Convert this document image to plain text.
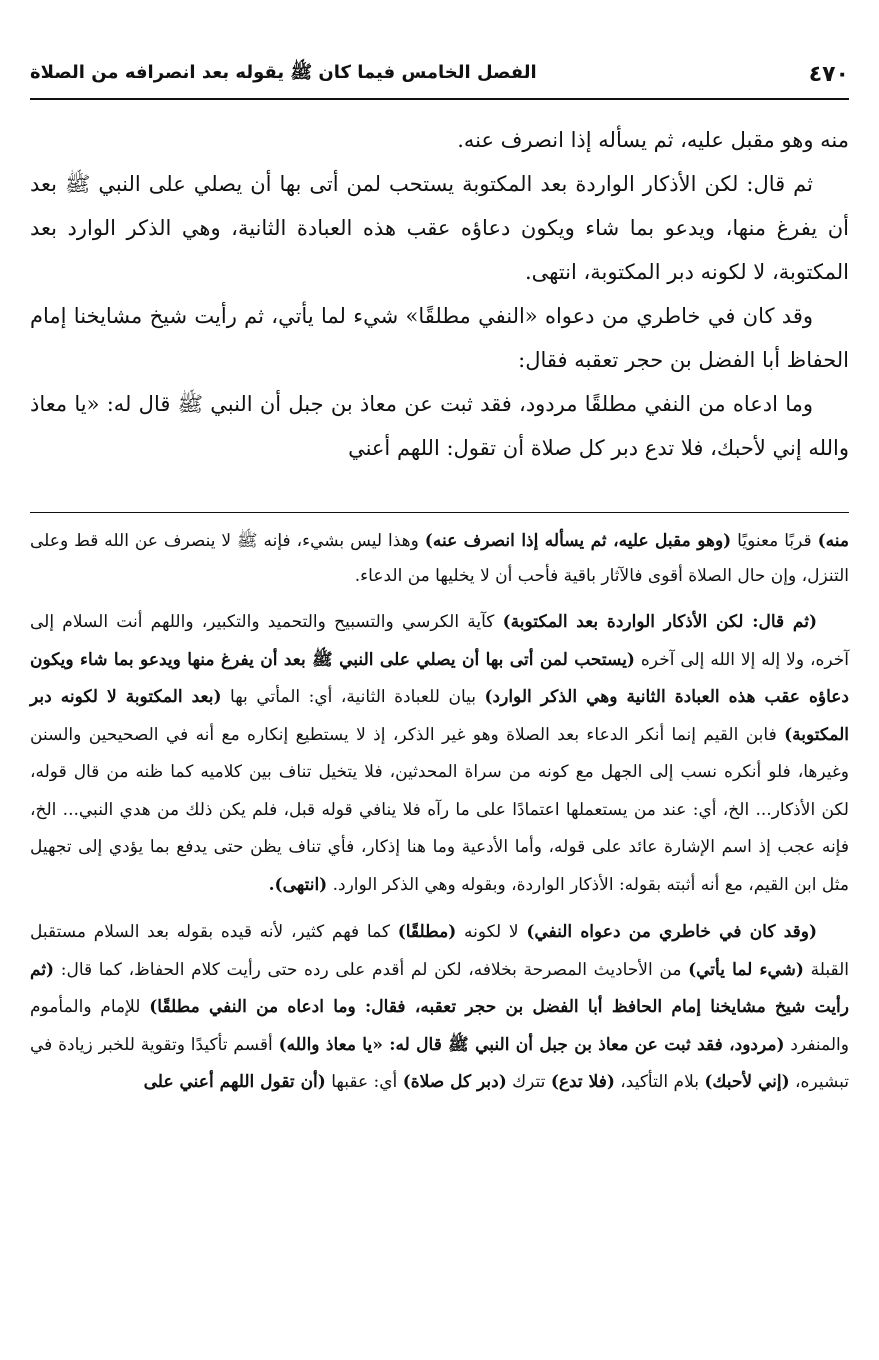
٤٧٠
الفصل الخامس فيما كان ﷺ يقوله بعد انصرافه من الصلاة

منه وهو مقبل عليه، ثم يسأله إذا انصرف عنه.

ثم قال: لكن الأذكار الواردة بعد المكتوبة يستحب لمن أتى بها أن يصلي على النبي ﷺ بعد أن يفرغ منها، ويدعو بما شاء ويكون دعاؤه عقب هذه العبادة الثانية، وهي الذكر الوارد بعد المكتوبة، لا لكونه دبر المكتوبة، انتهى.

وقد كان في خاطري من دعواه «النفي مطلقًا» شيء لما يأتي، ثم رأيت شيخ مشايخنا إمام الحفاظ أبا الفضل بن حجر تعقبه فقال:

وما ادعاه من النفي مطلقًا مردود، فقد ثبت عن معاذ بن جبل أن النبي ﷺ قال له: «يا معاذ والله إني لأحبك، فلا تدع دبر كل صلاة أن تقول: اللهم أعني

منه) قربًا معنويًا (وهو مقبل عليه، ثم يسأله إذا انصرف عنه) وهذا ليس بشيء، فإنه ﷺ لا ينصرف عن الله قط وعلى التنزل، وإن حال الصلاة أقوى فالآثار باقية فأحب أن لا يخليها من الدعاء.

(ثم قال: لكن الأذكار الواردة بعد المكتوبة) كآية الكرسي والتسبيح والتحميد والتكبير، واللهم أنت السلام إلى آخره، ولا إله إلا الله إلى آخره (يستحب لمن أتى بها أن يصلي على النبي ﷺ بعد أن يفرغ منها ويدعو بما شاء ويكون دعاؤه عقب هذه العبادة الثانية وهي الذكر الوارد) بيان للعبادة الثانية، أي: المأتي بها (بعد المكتوبة لا لكونه دبر المكتوبة) فابن القيم إنما أنكر الدعاء بعد الصلاة وهو غير الذكر، إذ لا يستطيع إنكاره مع أنه في الصحيحين والسنن وغيرها، فلو أنكره نسب إلى الجهل مع كونه من سراة المحدثين، فلا يتخيل تناف بين كلاميه كما ظنه من قال قوله، لكن الأذكار... الخ، أي: عند من يستعملها اعتمادًا على ما رآه فلا ينافي قوله قبل، فلم يكن ذلك من هدي النبي... الخ، فإنه عجب إذ اسم الإشارة عائد على قوله، وأما الأدعية وما هنا إذكار، فأي تناف يظن حتى يدفع بما يؤدي إلى تجهيل مثل ابن القيم، مع أنه أثبته بقوله: الأذكار الواردة، وبقوله وهي الذكر الوارد. (انتهى).

(وقد كان في خاطري من دعواه النفي) لا لكونه (مطلقًا) كما فهم كثير، لأنه قيده بقوله بعد السلام مستقبل القبلة (شيء لما يأتي) من الأحاديث المصرحة بخلافه، لكن لم أقدم على رده حتى رأيت كلام الحفاظ، كما قال: (ثم رأيت شيخ مشايخنا إمام الحافظ أبا الفضل بن حجر تعقبه، فقال: وما ادعاه من النفي مطلقًا) للإمام والمأموم والمنفرد (مردود، فقد ثبت عن معاذ بن جبل أن النبي ﷺ قال له: «يا معاذ والله) أقسم تأكيدًا وتقوية للخبر زيادة في تبشيره، (إني لأحبك) بلام التأكيد، (فلا تدع) تترك (دبر كل صلاة) أي: عقبها (أن تقول اللهم أعني على
